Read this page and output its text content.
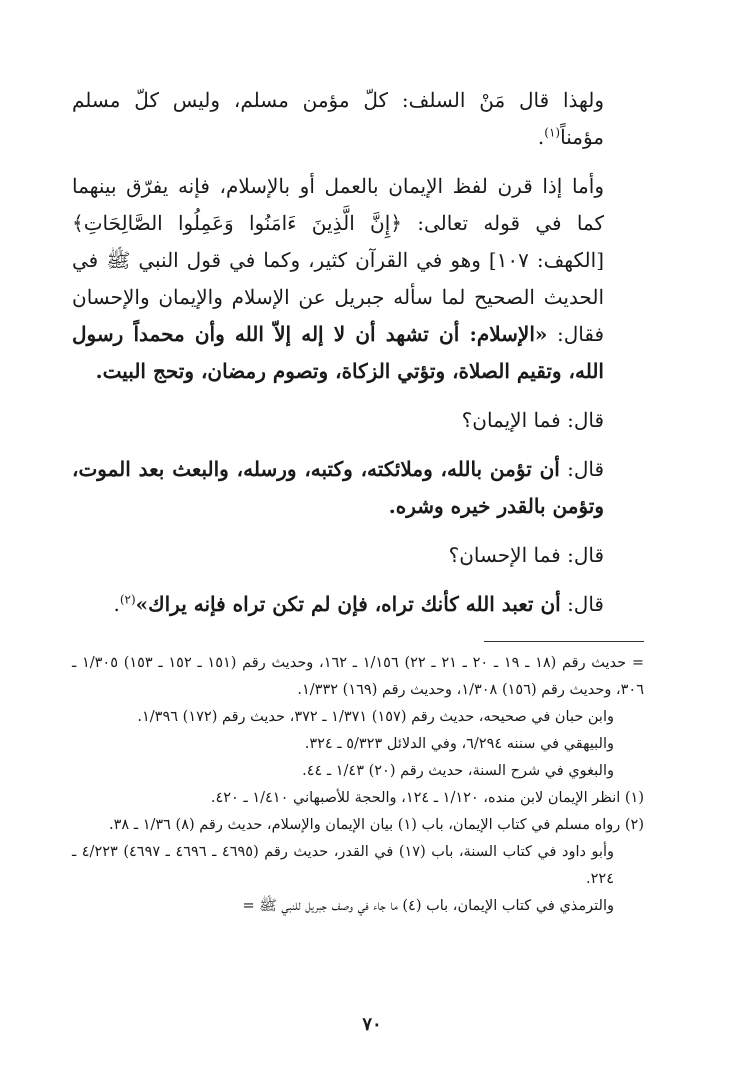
ولهذا قال مَنْ السلف: كلّ مؤمن مسلم، وليس كلّ مسلم مؤمناً$^{(١)}$.

وأما إذا قرن لفظ الإيمان بالعمل أو بالإسلام، فإنه يفرّق بينهما كما في قوله تعالى: ﴿إِنَّ الَّذِينَ ءَامَنُوا وَعَمِلُوا الصَّالِحَاتِ﴾ [الكهف: ١٠٧] وهو في القرآن كثير، وكما في قول النبي ﷺ في الحديث الصحيح لما سأله جبريل عن الإسلام والإيمان والإحسان فقال: «الإسلام: أن تشهد أن لا إله إلاّ الله وأن محمداً رسول الله، وتقيم الصلاة، وتؤتي الزكاة، وتصوم رمضان، وتحج البيت.

قال: فما الإيمان؟

قال: أن تؤمن بالله، وملائكته، وكتبه، ورسله، والبعث بعد الموت، وتؤمن بالقدر خيره وشره.

قال: فما الإحسان؟

قال: أن تعبد الله كأنك تراه، فإن لم تكن تراه فإنه يراك»$^{(٢)}$.

= حديث رقم (١٨ ـ ١٩ ـ ٢٠ ـ ٢١ ـ ٢٢) ١/١٥٦ ـ ١٦٢، وحديث رقم (١٥١ ـ ١٥٢ ـ ١٥٣) ١/٣٠٥ ـ ٣٠٦، وحديث رقم (١٥٦) ١/٣٠٨، وحديث رقم (١٦٩) ١/٣٣٢.

وابن حبان في صحيحه، حديث رقم (١٥٧) ١/٣٧١ ـ ٣٧٢، حديث رقم (١٧٢) ١/٣٩٦.

والبيهقي في سننه ٦/٢٩٤، وفي الدلائل ٥/٣٢٣ ـ ٣٢٤.

والبغوي في شرح السنة، حديث رقم (٢٠) ١/٤٣ ـ ٤٤.

(١) انظر الإيمان لابن منده، ١/١٢٠ ـ ١٢٤، والحجة للأصبهاني ١/٤١٠ ـ ٤٢٠.

(٢) رواه مسلم في كتاب الإيمان، باب (١) بيان الإيمان والإسلام، حديث رقم (٨) ١/٣٦ ـ ٣٨.

وأبو داود في كتاب السنة، باب (١٧) في القدر، حديث رقم (٤٦٩٥ ـ ٤٦٩٦ ـ ٤٦٩٧) ٤/٢٢٣ ـ ٢٢٤.

والترمذي في كتاب الإيمان، باب (٤) ما جاء في وصف جبريل للنبي ﷺ =

٧٠
